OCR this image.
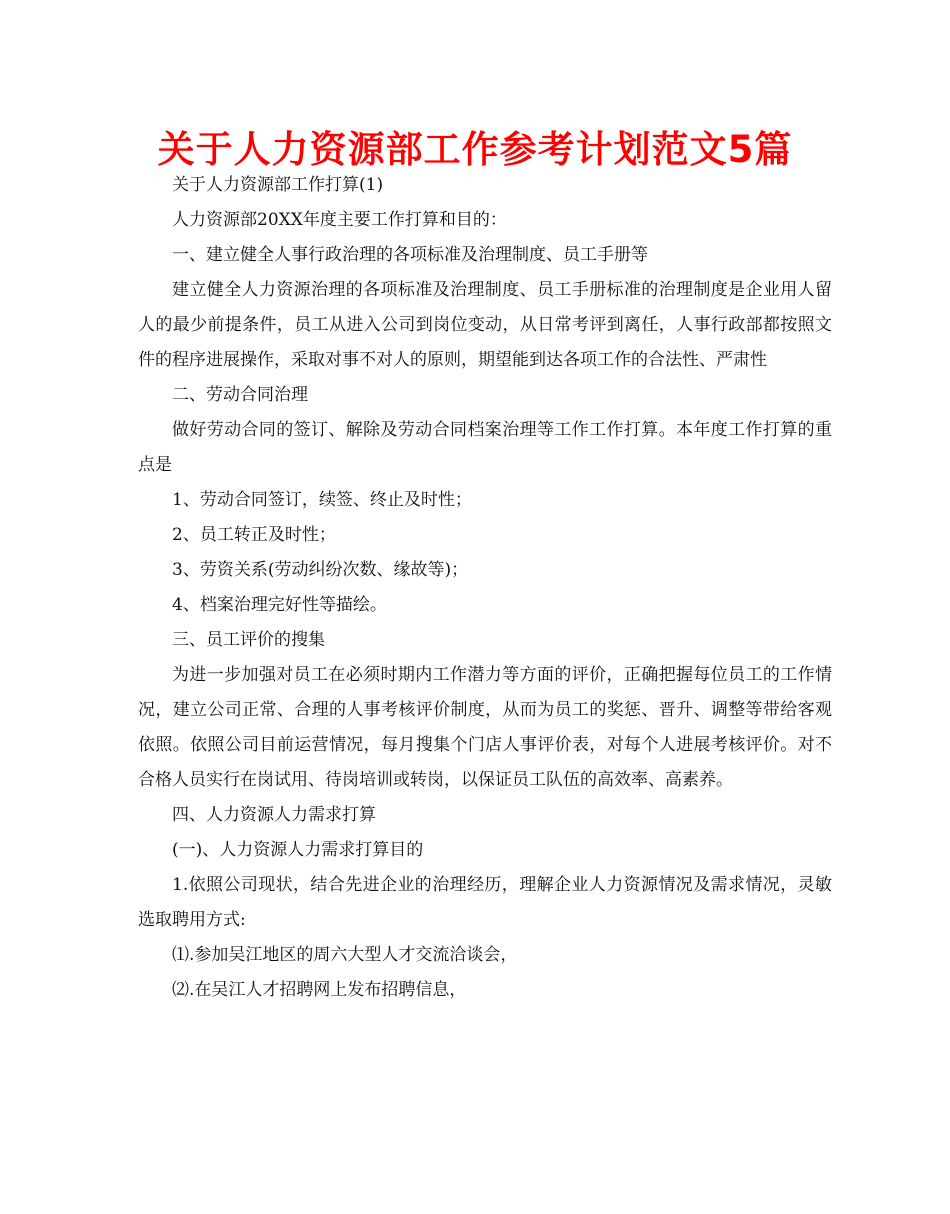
关于人力资源部工作参考计划范文5篇

关于人力资源部工作打算(1)

人力资源部20XX年度主要工作打算和目的：

一、建立健全人事行政治理的各项标准及治理制度、员工手册等

建立健全人力资源治理的各项标准及治理制度、员工手册标准的治理制度是企业用人留人的最少前提条件，员工从进入公司到岗位变动，从日常考评到离任，人事行政部都按照文件的程序进展操作，采取对事不对人的原则，期望能到达各项工作的合法性、严肃性

二、劳动合同治理

做好劳动合同的签订、解除及劳动合同档案治理等工作工作打算。本年度工作打算的重点是

1、劳动合同签订，续签、终止及时性；

2、员工转正及时性；

3、劳资关系(劳动纠纷次数、缘故等)；

4、档案治理完好性等描绘。

三、员工评价的搜集

为进一步加强对员工在必须时期内工作潜力等方面的评价，正确把握每位员工的工作情况，建立公司正常、合理的人事考核评价制度，从而为员工的奖惩、晋升、调整等带给客观依照。依照公司目前运营情况，每月搜集个门店人事评价表，对每个人进展考核评价。对不合格人员实行在岗试用、待岗培训或转岗，以保证员工队伍的高效率、高素养。

四、人力资源人力需求打算

(一)、人力资源人力需求打算目的

1.依照公司现状，结合先进企业的治理经历，理解企业人力资源情况及需求情况，灵敏选取聘用方式:

⑴.参加吴江地区的周六大型人才交流洽谈会，

⑵.在吴江人才招聘网上发布招聘信息，
